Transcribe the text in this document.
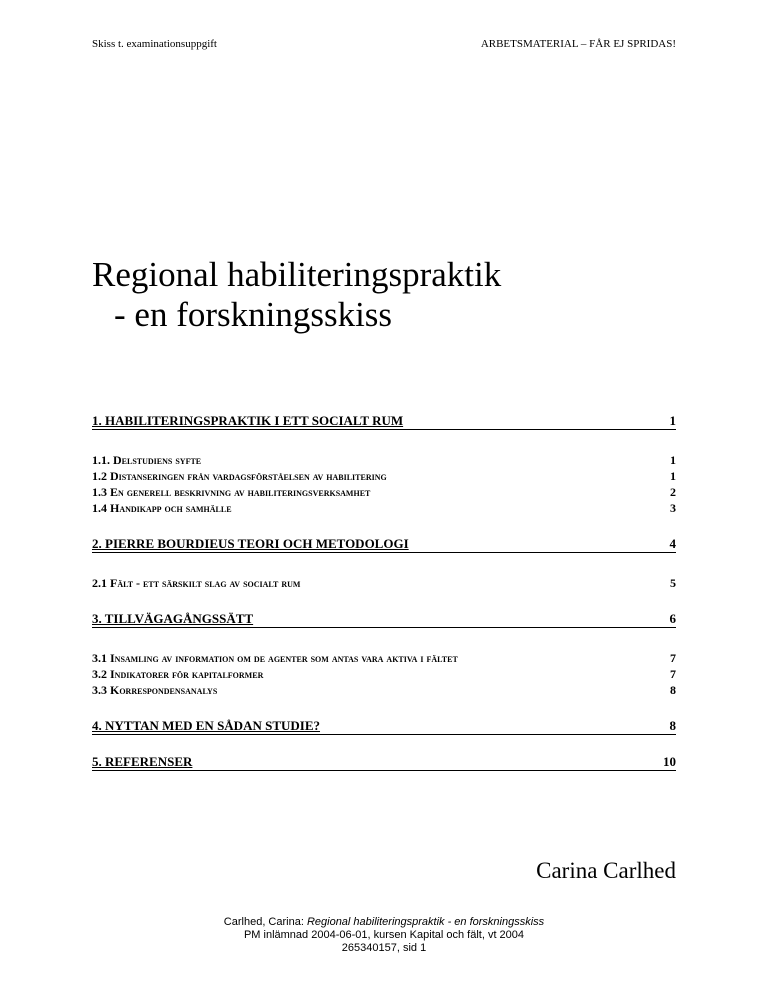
Skiss t. examinationsuppgift	ARBETSMATERIAL – FÅR EJ SPRIDAS!
Regional habiliteringspraktik
- en forskningsskiss
1. HABILITERINGSPRAKTIK I ETT SOCIALT RUM	1
1.1. Delstudiens syfte	1
1.2 Distanseringen från vardagsförståelsen av habilitering	1
1.3 En generell beskrivning av habiliteringsverksamhet	2
1.4 Handikapp och samhälle	3
2. PIERRE BOURDIEUS TEORI OCH METODOLOGI	4
2.1 Fält - ett särskilt slag av socialt rum	5
3. TILLVÄGAGÅNGSSÄTT	6
3.1 Insamling av information om de agenter som antas vara aktiva i fältet	7
3.2 Indikatorer för kapitalformer	7
3.3 Korrespondensanalys	8
4. NYTTAN MED EN SÅDAN STUDIE?	8
5. REFERENSER	10
Carina Carlhed
Carlhed, Carina: Regional habiliteringspraktik - en forskningsskiss
PM inlämnad 2004-06-01, kursen Kapital och fält, vt 2004
265340157, sid 1
